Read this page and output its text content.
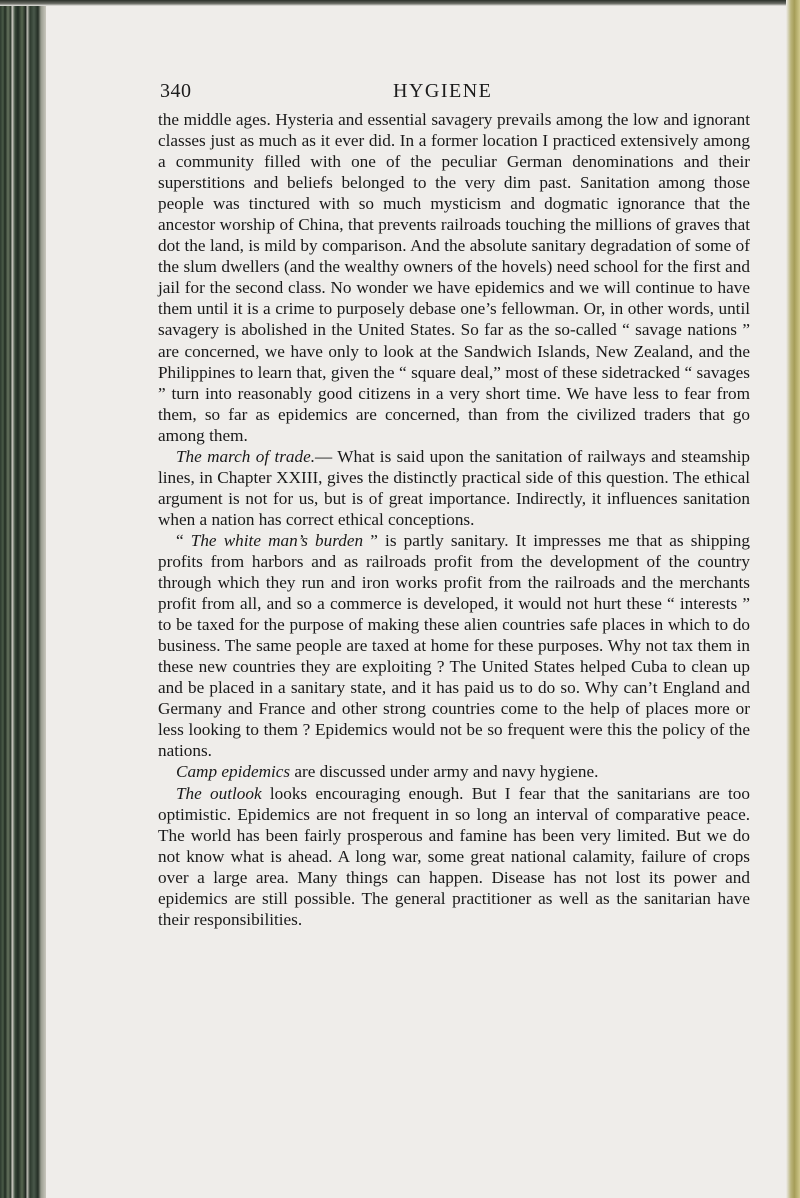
340	HYGIENE

the middle ages. Hysteria and essential savagery prevails among the low and ignorant classes just as much as it ever did. In a former location I practiced extensively among a community filled with one of the peculiar German denominations and their superstitions and beliefs belonged to the very dim past. Sanitation among those people was tinctured with so much mysticism and dogmatic ignorance that the ancestor worship of China, that prevents railroads touching the millions of graves that dot the land, is mild by comparison. And the absolute sanitary degradation of some of the slum dwellers (and the wealthy owners of the hovels) need school for the first and jail for the second class. No wonder we have epidemics and we will continue to have them until it is a crime to purposely debase one’s fellowman. Or, in other words, until savagery is abolished in the United States. So far as the so-called “ savage nations ” are concerned, we have only to look at the Sandwich Islands, New Zealand, and the Philippines to learn that, given the “ square deal,” most of these sidetracked “ savages ” turn into reasonably good citizens in a very short time. We have less to fear from them, so far as epidemics are concerned, than from the civilized traders that go among them.

The march of trade.— What is said upon the sanitation of railways and steamship lines, in Chapter XXIII, gives the distinctly practical side of this question. The ethical argument is not for us, but is of great importance. Indirectly, it influences sanitation when a nation has correct ethical conceptions.

“ The white man’s burden ” is partly sanitary. It impresses me that as shipping profits from harbors and as railroads profit from the development of the country through which they run and iron works profit from the railroads and the merchants profit from all, and so a commerce is developed, it would not hurt these “ interests ” to be taxed for the purpose of making these alien countries safe places in which to do business. The same people are taxed at home for these purposes. Why not tax them in these new countries they are exploiting ? The United States helped Cuba to clean up and be placed in a sanitary state, and it has paid us to do so. Why can’t England and Germany and France and other strong countries come to the help of places more or less looking to them ? Epidemics would not be so frequent were this the policy of the nations.

Camp epidemics are discussed under army and navy hygiene.

The outlook looks encouraging enough. But I fear that the sanitarians are too optimistic. Epidemics are not frequent in so long an interval of comparative peace. The world has been fairly prosperous and famine has been very limited. But we do not know what is ahead. A long war, some great national calamity, failure of crops over a large area. Many things can happen. Disease has not lost its power and epidemics are still possible. The general practitioner as well as the sanitarian have their responsibilities.
